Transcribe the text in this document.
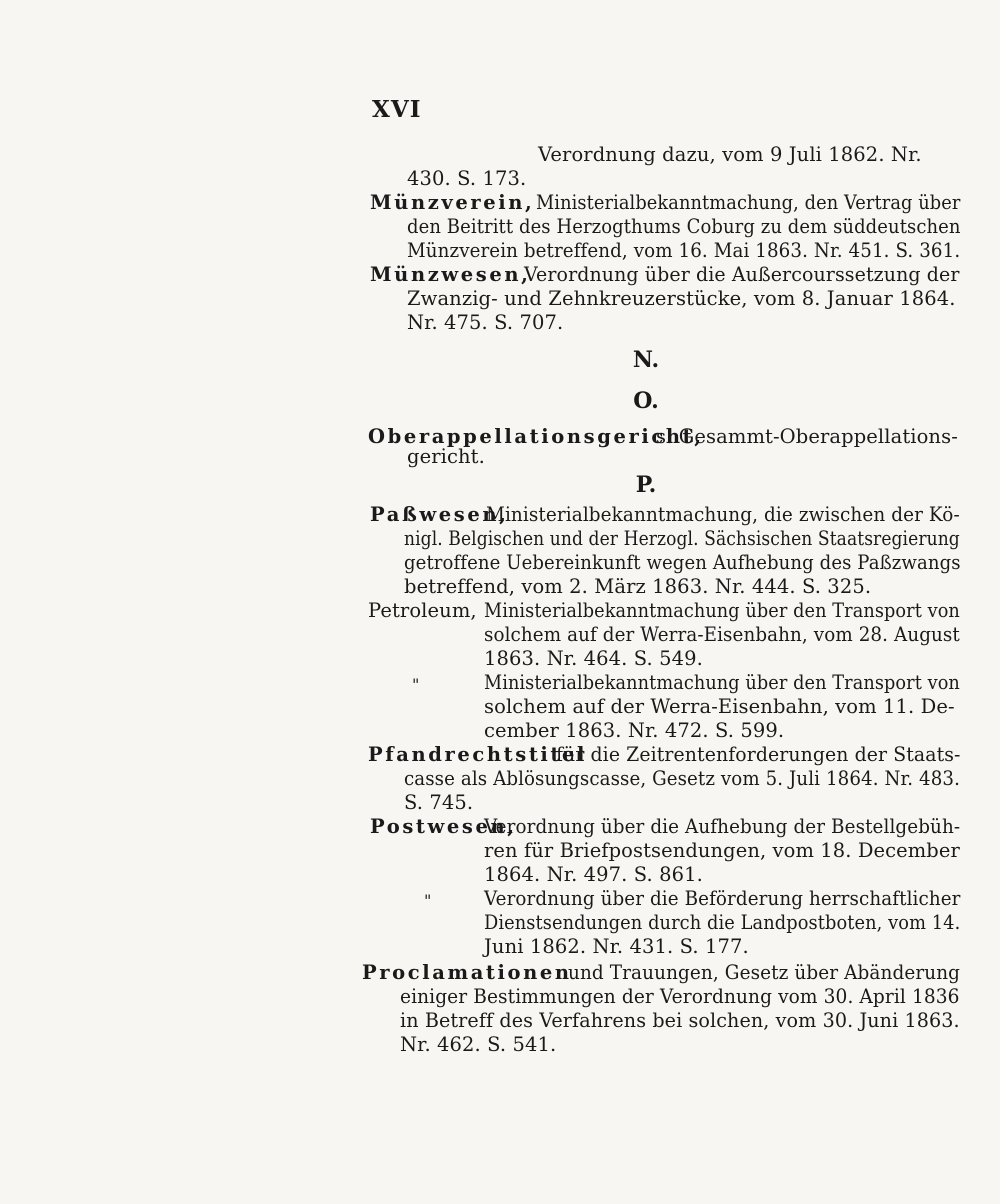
XVI
Verordnung dazu, vom 9 Juli 1862. Nr.
430. S. 173.
Münzverein, Ministerialbekanntmachung, den Vertrag über
den Beitritt des Herzogthums Coburg zu dem süddeutschen
Münzverein betreffend, vom 16. Mai 1863. Nr. 451. S. 361.
Münzwesen,
Verordnung über die Außercourssetzung der
Zwanzig- und Zehnkreuzerstücke, vom 8. Januar 1864.
Nr. 475. S. 707.
N.
O.
Oberappellationsgericht,
s. Gesammt-Oberappellations-
gericht.
P.
Paßwesen,
Ministerialbekanntmachung, die zwischen der Kö-
nigl. Belgischen und der Herzogl. Sächsischen Staatsregierung
getroffene Uebereinkunft wegen Aufhebung des Paßzwangs
betreffend, vom 2. März 1863. Nr. 444. S. 325.
Petroleum, Ministerialbekanntmachung über den Transport von
solchem auf der Werra-Eisenbahn, vom 28. August
1863. Nr. 464. S. 549.
"	Ministerialbekanntmachung über den Transport von
solchem auf der Werra-Eisenbahn, vom 11. De-
cember 1863. Nr. 472. S. 599.
Pfandrechtstitel
für die Zeitrentenforderungen der Staats-
casse als Ablösungscasse, Gesetz vom 5. Juli 1864. Nr. 483.
S. 745.
Postwesen,
Verordnung über die Aufhebung der Bestellgebüh-
ren für Briefpostsendungen, vom 18. December
1864. Nr. 497. S. 861.
"	Verordnung über die Beförderung herrschaftlicher
Dienstsendungen durch die Landpostboten, vom 14.
Juni 1862. Nr. 431. S. 177.
Proclamationen
und Trauungen, Gesetz über Abänderung
einiger Bestimmungen der Verordnung vom 30. April 1836
in Betreff des Verfahrens bei solchen, vom 30. Juni 1863.
Nr. 462. S. 541.
